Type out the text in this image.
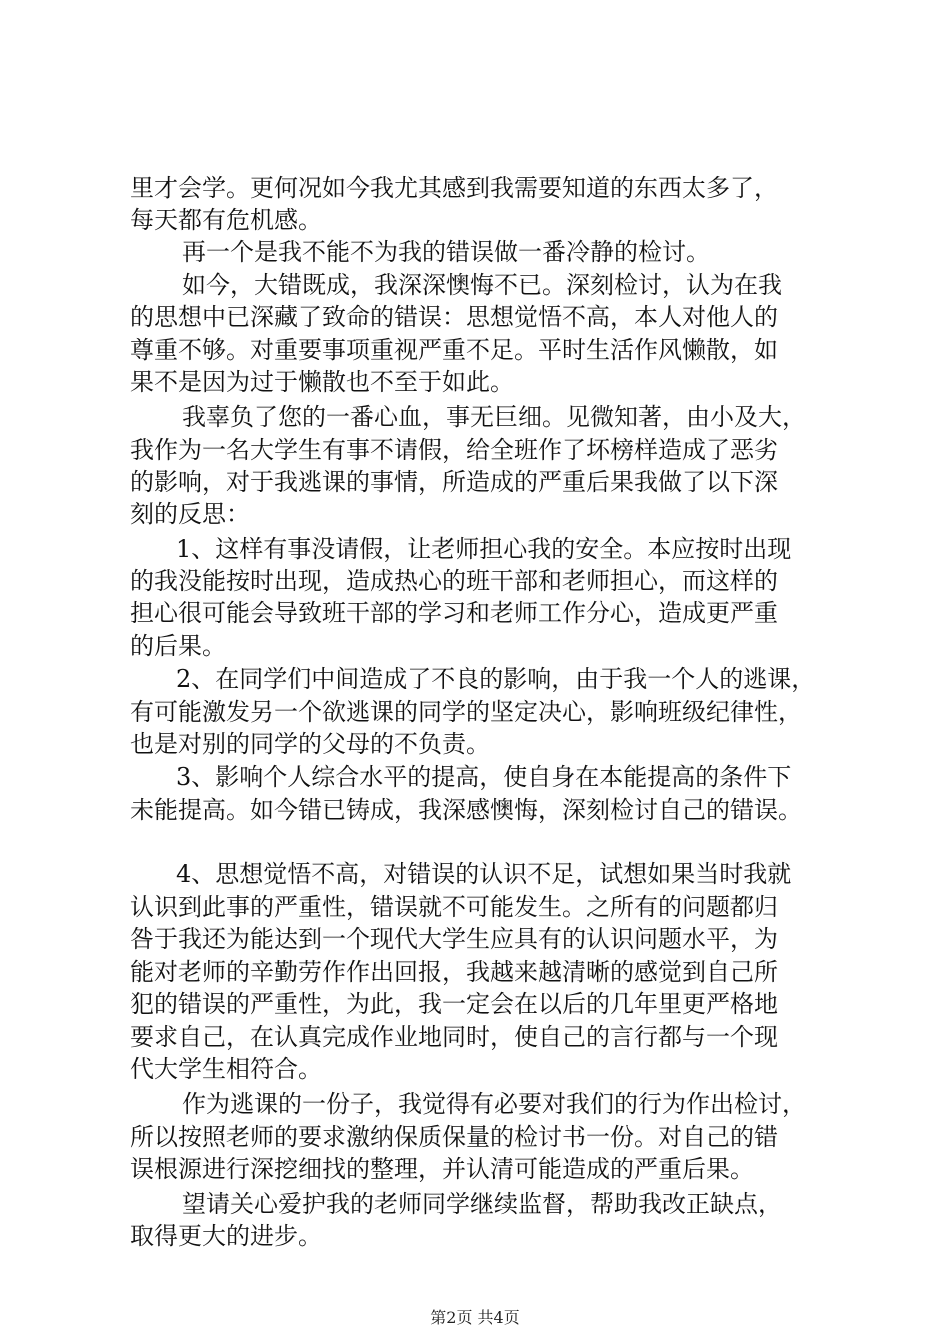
里才会学。更何况如今我尤其感到我需要知道的东西太多了，
每天都有危机感。
再一个是我不能不为我的错误做一番冷静的检讨。
如今，大错既成，我深深懊悔不已。深刻检讨，认为在我
的思想中已深藏了致命的错误：思想觉悟不高，本人对他人的
尊重不够。对重要事项重视严重不足。平时生活作风懒散，如
果不是因为过于懒散也不至于如此。
我辜负了您的一番心血，事无巨细。见微知著，由小及大，
我作为一名大学生有事不请假，给全班作了坏榜样造成了恶劣
的影响，对于我逃课的事情，所造成的严重后果我做了以下深
刻的反思：
1、这样有事没请假，让老师担心我的安全。本应按时出现
的我没能按时出现，造成热心的班干部和老师担心，而这样的
担心很可能会导致班干部的学习和老师工作分心，造成更严重
的后果。
2、在同学们中间造成了不良的影响，由于我一个人的逃课，
有可能激发另一个欲逃课的同学的坚定决心，影响班级纪律性，
也是对别的同学的父母的不负责。
3、影响个人综合水平的提高，使自身在本能提高的条件下
未能提高。如今错已铸成，我深感懊悔，深刻检讨自己的错误。
4、思想觉悟不高，对错误的认识不足，试想如果当时我就
认识到此事的严重性，错误就不可能发生。之所有的问题都归
咎于我还为能达到一个现代大学生应具有的认识问题水平，为
能对老师的辛勤劳作作出回报，我越来越清晰的感觉到自己所
犯的错误的严重性，为此，我一定会在以后的几年里更严格地
要求自己，在认真完成作业地同时，使自己的言行都与一个现
代大学生相符合。
作为逃课的一份子，我觉得有必要对我们的行为作出检讨，
所以按照老师的要求激纳保质保量的检讨书一份。对自己的错
误根源进行深挖细找的整理，并认清可能造成的严重后果。
望请关心爱护我的老师同学继续监督，帮助我改正缺点，
取得更大的进步。
第2页 共4页
